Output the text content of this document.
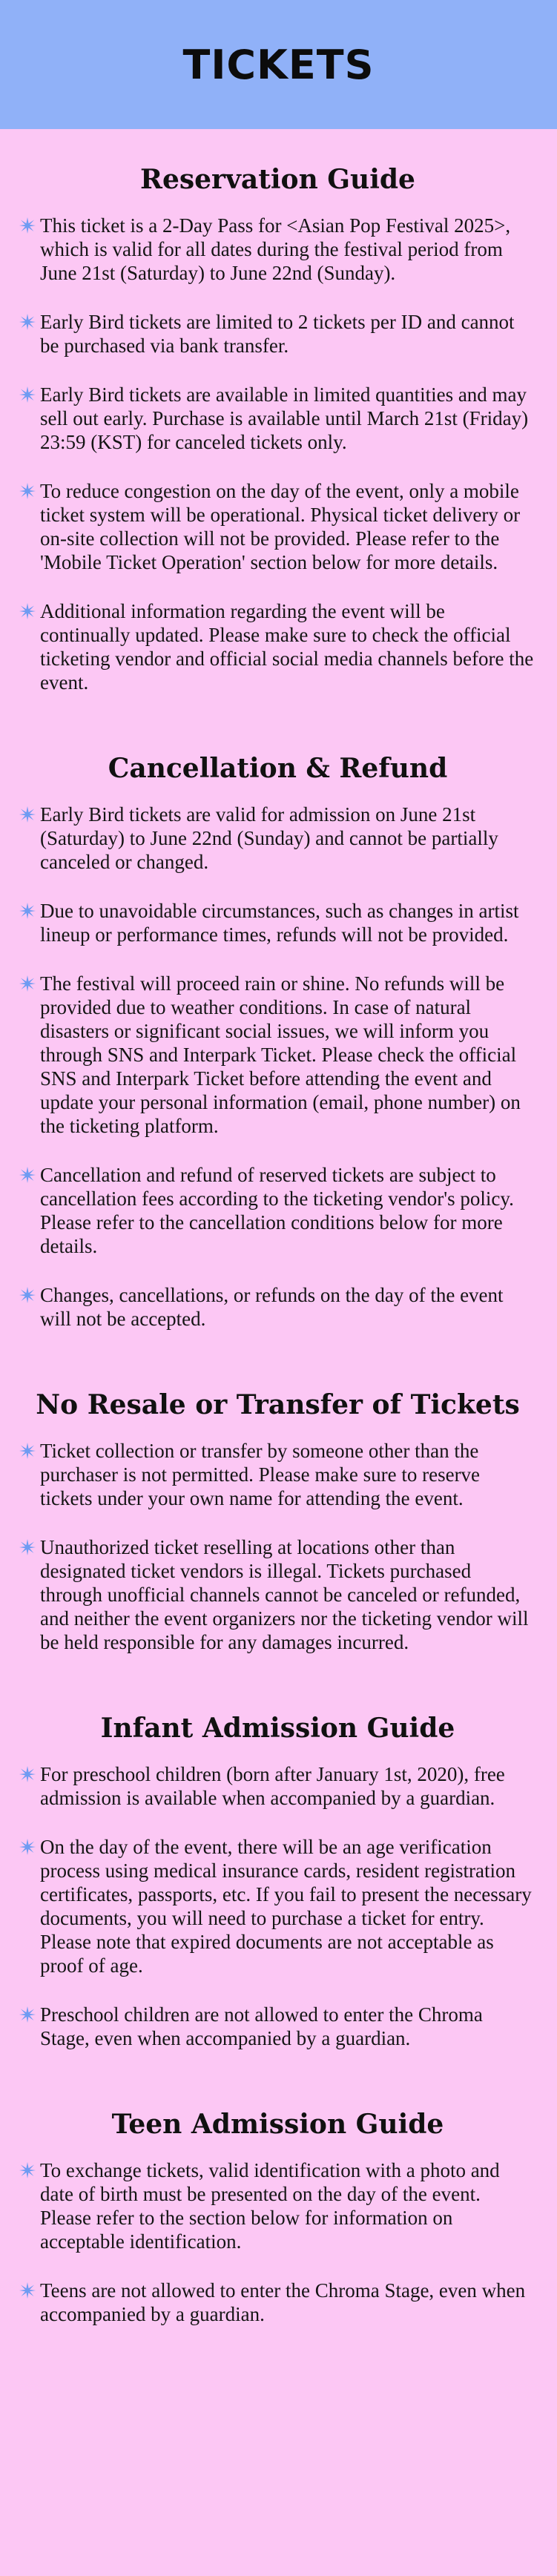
TICKETS
Reservation Guide
This ticket is a 2-Day Pass for <Asian Pop Festival 2025>, which is valid for all dates during the festival period from June 21st (Saturday) to June 22nd (Sunday).
Early Bird tickets are limited to 2 tickets per ID and cannot be purchased via bank transfer.
Early Bird tickets are available in limited quantities and may sell out early. Purchase is available until March 21st (Friday) 23:59 (KST) for canceled tickets only.
To reduce congestion on the day of the event, only a mobile ticket system will be operational. Physical ticket delivery or on-site collection will not be provided. Please refer to the 'Mobile Ticket Operation' section below for more details.
Additional information regarding the event will be continually updated. Please make sure to check the official ticketing vendor and official social media channels before the event.
Cancellation & Refund
Early Bird tickets are valid for admission on June 21st (Saturday) to June 22nd (Sunday) and cannot be partially canceled or changed.
Due to unavoidable circumstances, such as changes in artist lineup or performance times, refunds will not be provided.
The festival will proceed rain or shine. No refunds will be provided due to weather conditions. In case of natural disasters or significant social issues, we will inform you through SNS and Interpark Ticket. Please check the official SNS and Interpark Ticket before attending the event and update your personal information (email, phone number) on the ticketing platform.
Cancellation and refund of reserved tickets are subject to cancellation fees according to the ticketing vendor's policy. Please refer to the cancellation conditions below for more details.
Changes, cancellations, or refunds on the day of the event will not be accepted.
No Resale or Transfer of Tickets
Ticket collection or transfer by someone other than the purchaser is not permitted. Please make sure to reserve tickets under your own name for attending the event.
Unauthorized ticket reselling at locations other than designated ticket vendors is illegal. Tickets purchased through unofficial channels cannot be canceled or refunded, and neither the event organizers nor the ticketing vendor will be held responsible for any damages incurred.
Infant Admission Guide
For preschool children (born after January 1st, 2020), free admission is available when accompanied by a guardian.
On the day of the event, there will be an age verification process using medical insurance cards, resident registration certificates, passports, etc. If you fail to present the necessary documents, you will need to purchase a ticket for entry. Please note that expired documents are not acceptable as proof of age.
Preschool children are not allowed to enter the Chroma Stage, even when accompanied by a guardian.
Teen Admission Guide
To exchange tickets, valid identification with a photo and date of birth must be presented on the day of the event. Please refer to the section below for information on acceptable identification.
Teens are not allowed to enter the Chroma Stage, even when accompanied by a guardian.
